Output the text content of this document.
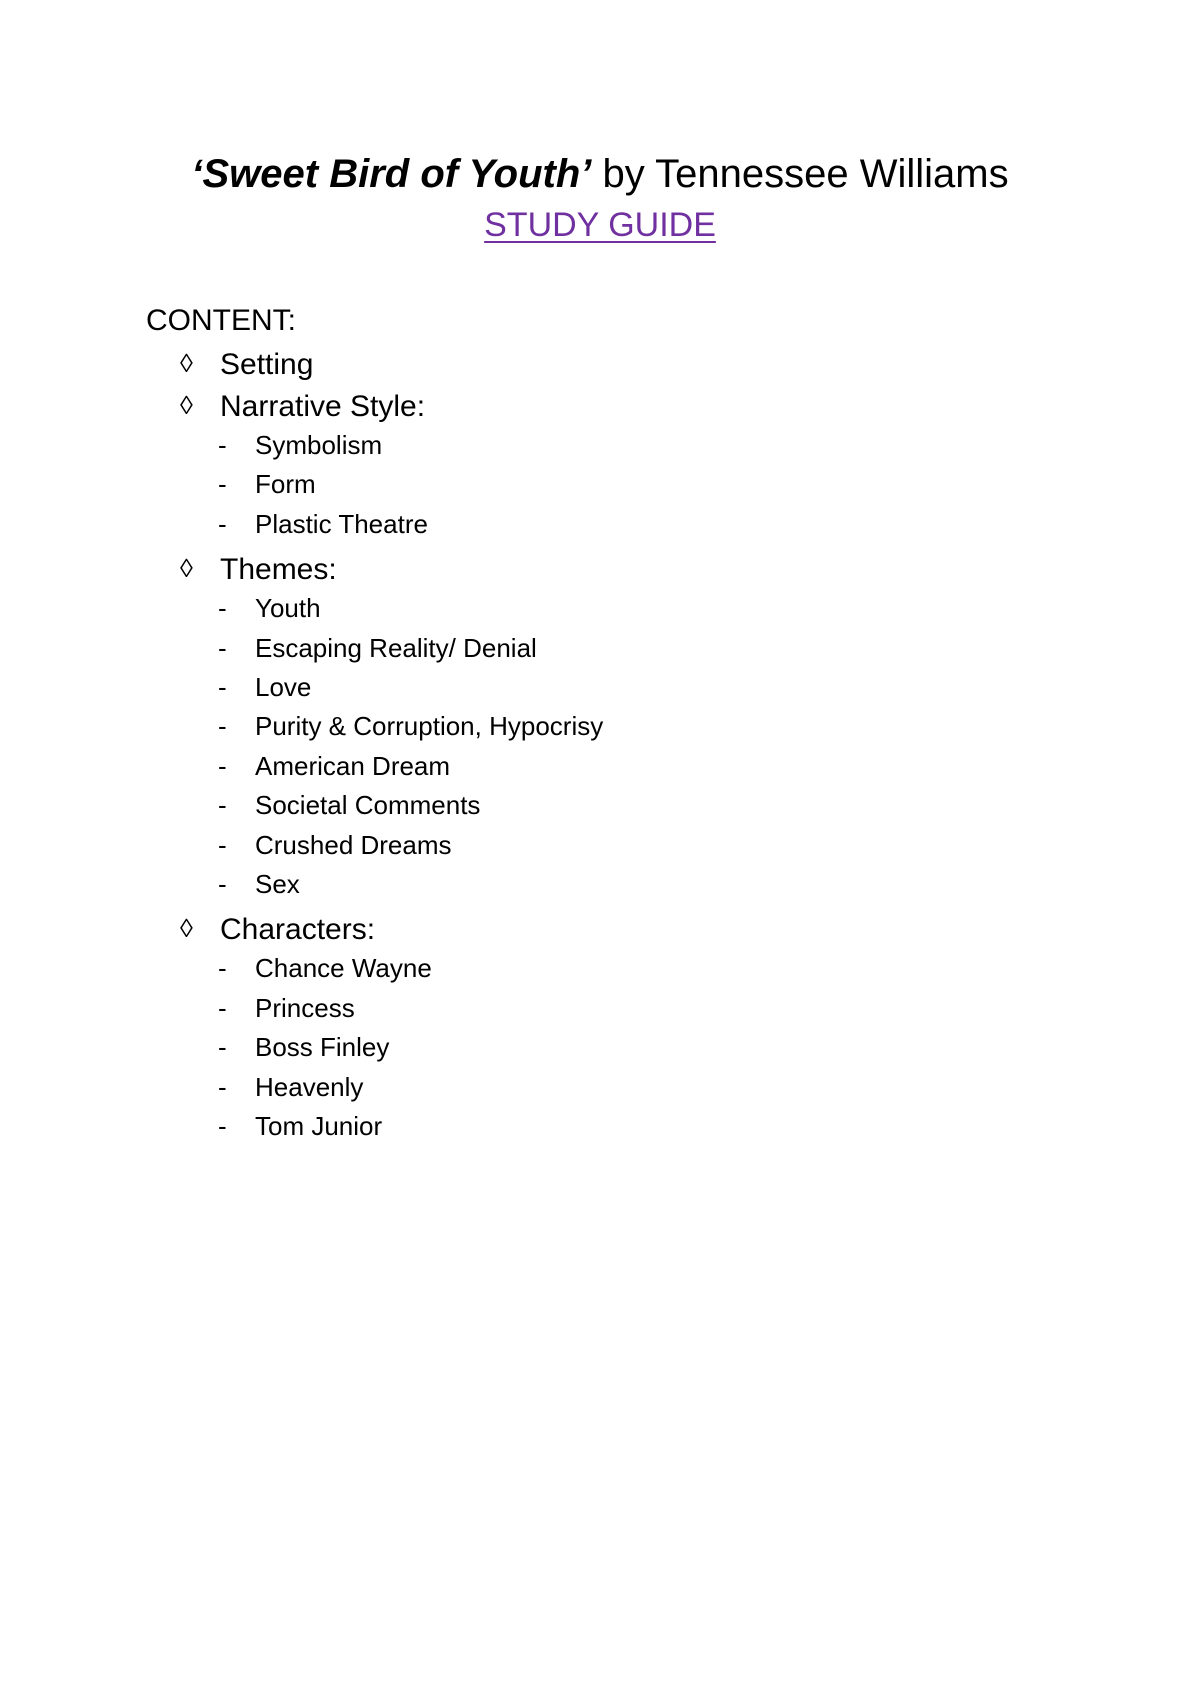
‘Sweet Bird of Youth’ by Tennessee Williams
STUDY GUIDE
CONTENT:
◊ Setting
◊ Narrative Style:
- Symbolism
- Form
- Plastic Theatre
◊ Themes:
- Youth
- Escaping Reality/ Denial
- Love
- Purity & Corruption, Hypocrisy
- American Dream
- Societal Comments
- Crushed Dreams
- Sex
◊ Characters:
- Chance Wayne
- Princess
- Boss Finley
- Heavenly
- Tom Junior
